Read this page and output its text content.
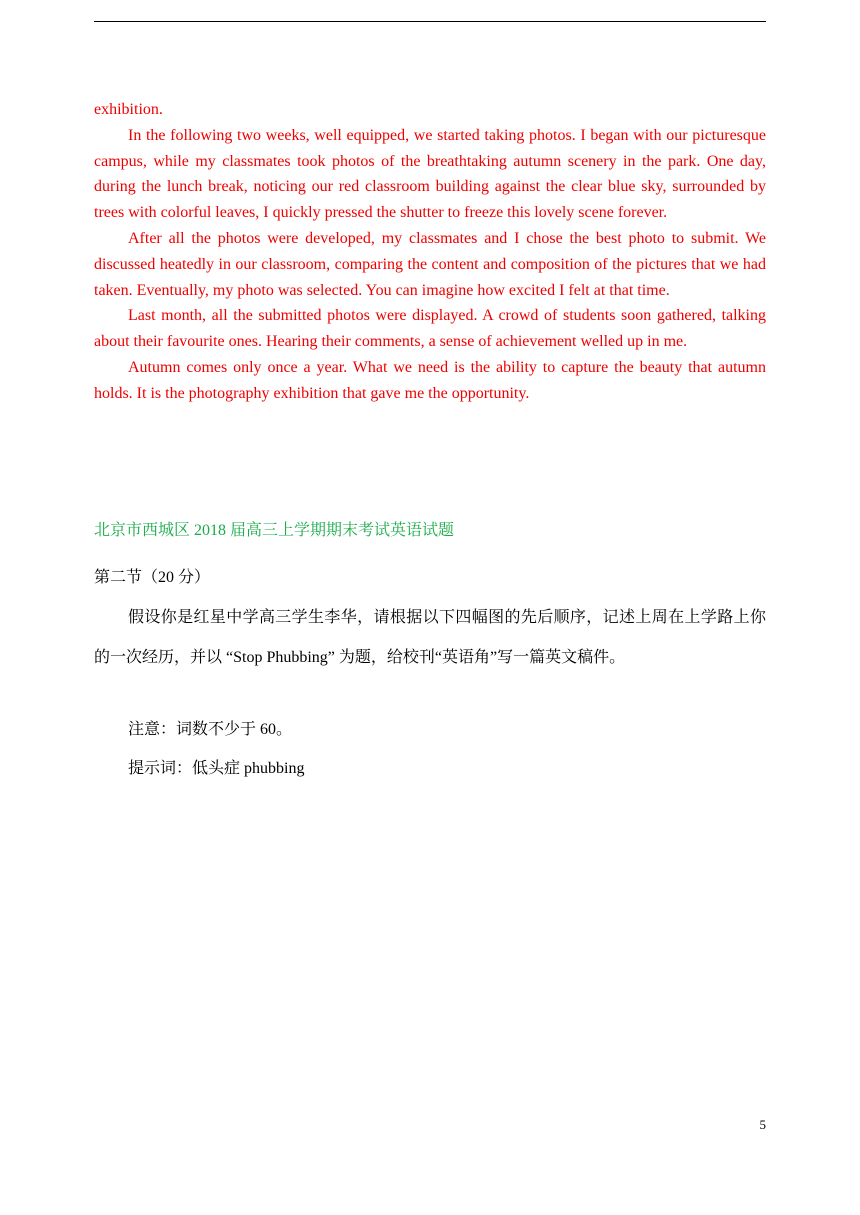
exhibition.

In the following two weeks, well equipped, we started taking photos. I began with our picturesque campus, while my classmates took photos of the breathtaking autumn scenery in the park. One day, during the lunch break, noticing our red classroom building against the clear blue sky, surrounded by trees with colorful leaves, I quickly pressed the shutter to freeze this lovely scene forever.

After all the photos were developed, my classmates and I chose the best photo to submit. We discussed heatedly in our classroom, comparing the content and composition of the pictures that we had taken. Eventually, my photo was selected. You can imagine how excited I felt at that time.

Last month, all the submitted photos were displayed. A crowd of students soon gathered, talking about their favourite ones. Hearing their comments, a sense of achievement welled up in me.

Autumn comes only once a year. What we need is the ability to capture the beauty that autumn holds. It is the photography exhibition that gave me the opportunity.

北京市西城区 2018 届高三上学期期末考试英语试题
第二节（20 分）

假设你是红星中学高三学生李华，请根据以下四幅图的先后顺序，记述上周在上学路上你的一次经历，并以 “Stop Phubbing” 为题，给校刊“英语角”写一篇英文稿件。

注意：词数不少于 60。
提示词：低头症 phubbing
5
